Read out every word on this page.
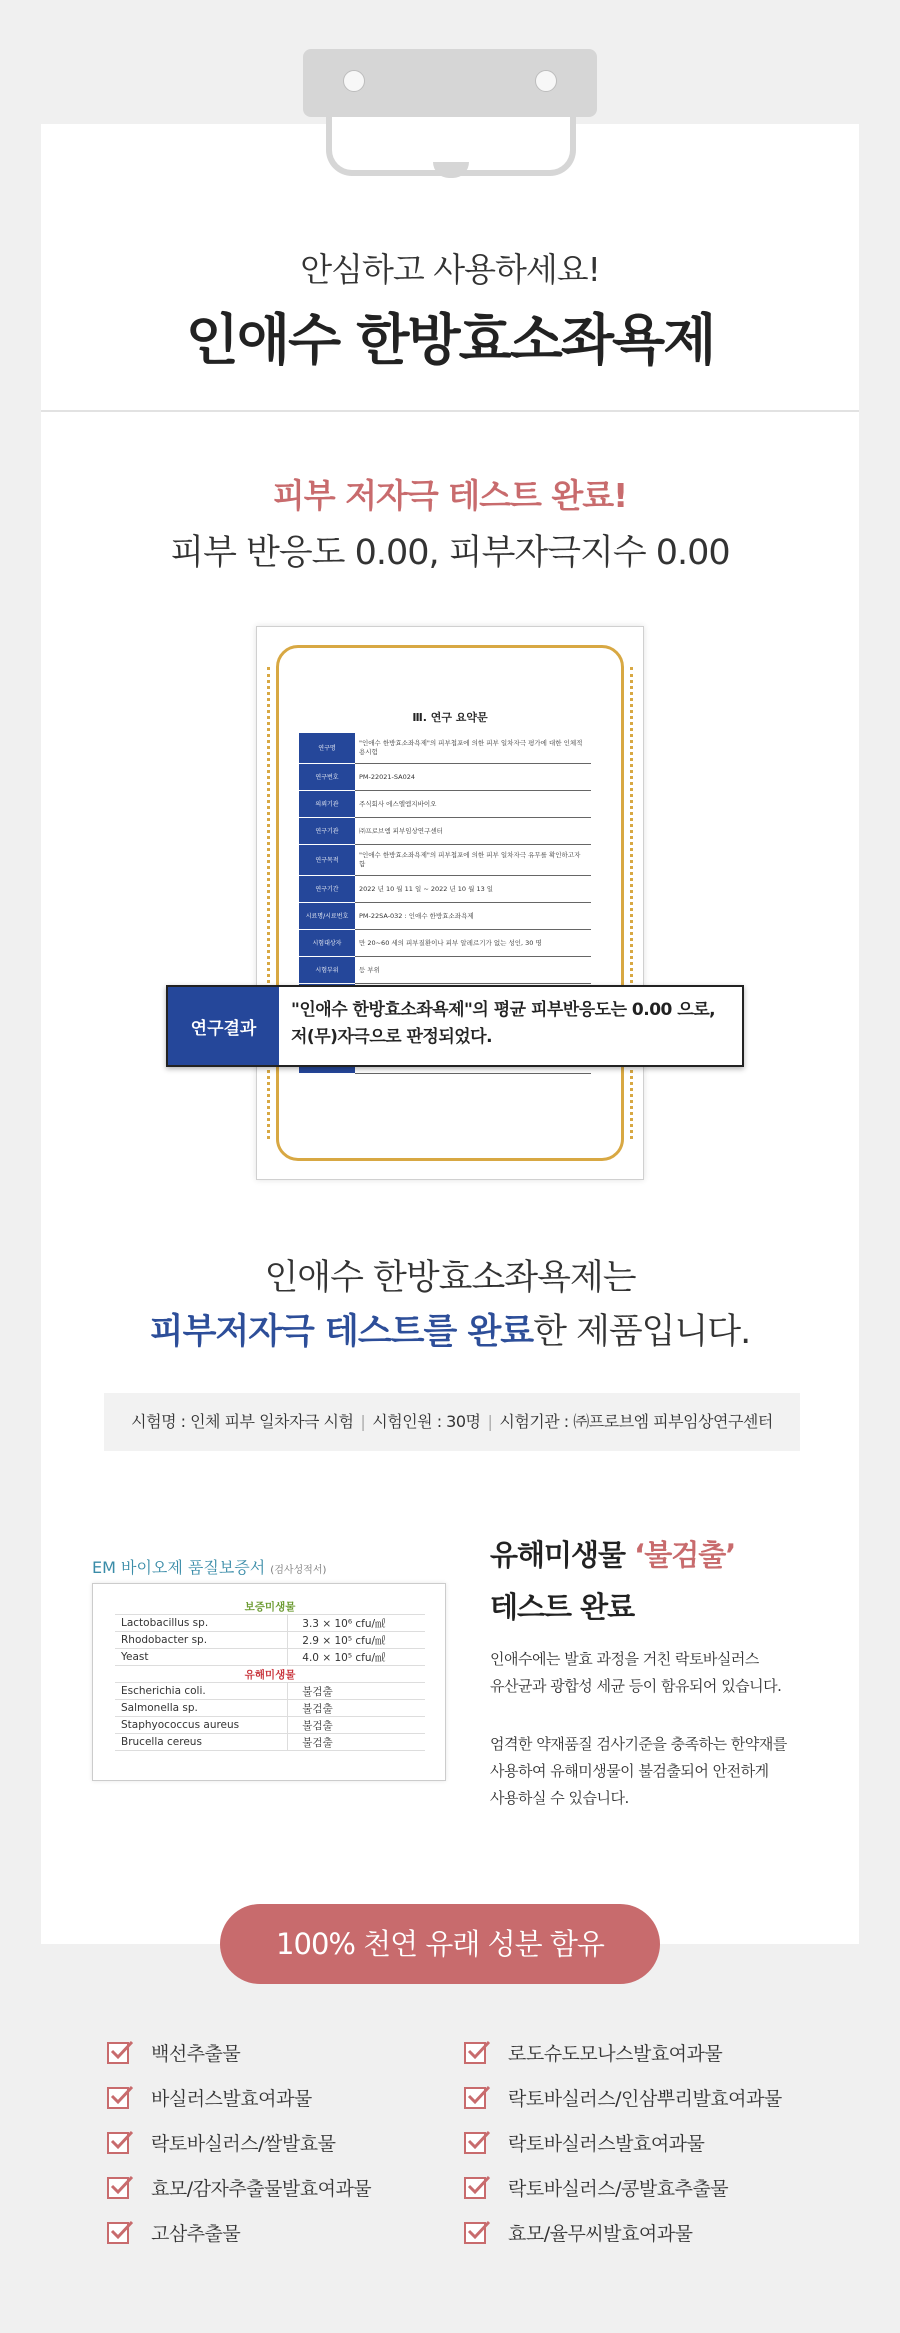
안심하고 사용하세요!
인애수 한방효소좌욕제
피부 저자극 테스트 완료!
피부 반응도 0.00, 피부자극지수 0.00
Ⅲ. 연구 요약문
연구명	"인애수 한방효소좌욕제"의 피부첩포에 의한 피부 일차자극 평가에 대한 인체적용시험
연구번호	PM-22021-SA024
의뢰기관	주식회사 에스엘엠지바이오
연구기관	㈜프로브엠 피부임상연구센터
연구목적	"인애수 한방효소좌욕제"의 피부첩포에 의한 피부 일차자극 유무를 확인하고자 함
연구기간	2022 년 10 월 11 일 ~ 2022 년 10 월 13 일
시료명/시료번호	PM-22SA-032 : 인애수 한방효소좌욕제
시험대상자	만 20~60 세의 피부질환이나 피부 알레르기가 없는 성인, 30 명
시험부위	등 부위

연구결과
"인애수 한방효소좌욕제"의 평균 피부반응도는 0.00 으로,
저(무)자극으로 판정되었다.
인애수 한방효소좌욕제는
피부저자극 테스트를 완료한 제품입니다.
시험명 : 인체 피부 일차자극 시험 | 시험인원 : 30명 | 시험기관 : ㈜프로브엠 피부임상연구센터
EM 바이오제 품질보증서 (검사성적서)
보증미생물	
Lactobacillus sp.	3.3 × 10⁶ cfu/㎖
Rhodobacter sp.	2.9 × 10⁵ cfu/㎖
Yeast	4.0 × 10⁵ cfu/㎖
유해미생물	
Escherichia coli.	불검출
Salmonella sp.	불검출
Staphyococcus aureus	불검출
Brucella cereus	불검출
유해미생물 ‘불검출’
테스트 완료
인애수에는 발효 과정을 거친 락토바실러스
유산균과 광합성 세균 등이 함유되어 있습니다.
엄격한 약재품질 검사기준을 충족하는 한약재를
사용하여 유해미생물이 불검출되어 안전하게
사용하실 수 있습니다.
100% 천연 유래 성분 함유
백선추출물
바실러스발효여과물
락토바실러스/쌀발효물
효모/감자추출물발효여과물
고삼추출물
로도슈도모나스발효여과물
락토바실러스/인삼뿌리발효여과물
락토바실러스발효여과물
락토바실러스/콩발효추출물
효모/율무씨발효여과물
